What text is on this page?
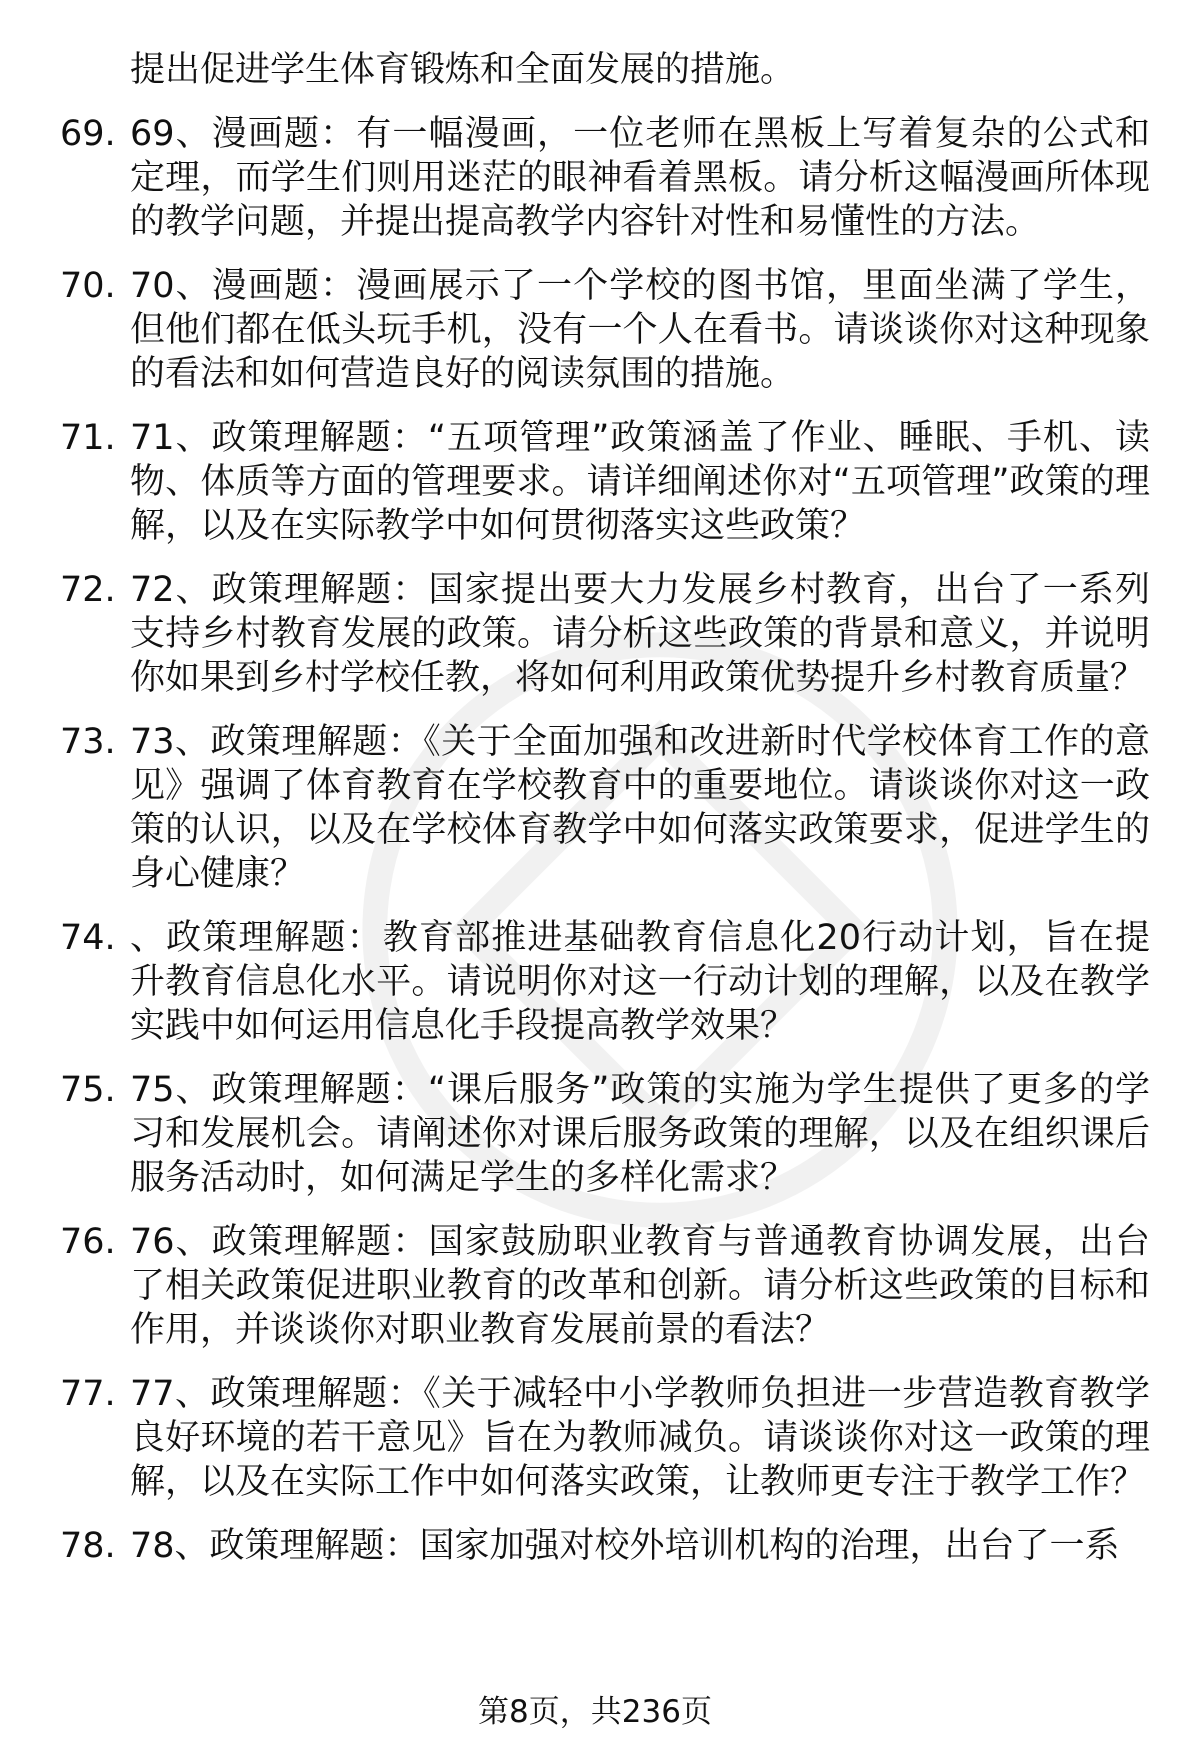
提出促进学生体育锻炼和全面发展的措施。
69. 69、漫画题：有一幅漫画，一位老师在黑板上写着复杂的公式和定理，而学生们则用迷茫的眼神看着黑板。请分析这幅漫画所体现的教学问题，并提出提高教学内容针对性和易懂性的方法。
70. 70、漫画题：漫画展示了一个学校的图书馆，里面坐满了学生，但他们都在低头玩手机，没有一个人在看书。请谈谈你对这种现象的看法和如何营造良好的阅读氛围的措施。
71. 71、政策理解题：“五项管理”政策涵盖了作业、睡眠、手机、读物、体质等方面的管理要求。请详细阐述你对“五项管理”政策的理解，以及在实际教学中如何贯彻落实这些政策？
72. 72、政策理解题：国家提出要大力发展乡村教育，出台了一系列支持乡村教育发展的政策。请分析这些政策的背景和意义，并说明你如果到乡村学校任教，将如何利用政策优势提升乡村教育质量？
73. 73、政策理解题：《关于全面加强和改进新时代学校体育工作的意见》强调了体育教育在学校教育中的重要地位。请谈谈你对这一政策的认识，以及在学校体育教学中如何落实政策要求，促进学生的身心健康？
74. 、政策理解题：教育部推进基础教育信息化20行动计划，旨在提升教育信息化水平。请说明你对这一行动计划的理解，以及在教学实践中如何运用信息化手段提高教学效果？
75. 75、政策理解题：“课后服务”政策的实施为学生提供了更多的学习和发展机会。请阐述你对课后服务政策的理解，以及在组织课后服务活动时，如何满足学生的多样化需求？
76. 76、政策理解题：国家鼓励职业教育与普通教育协调发展，出台了相关政策促进职业教育的改革和创新。请分析这些政策的目标和作用，并谈谈你对职业教育发展前景的看法？
77. 77、政策理解题：《关于减轻中小学教师负担进一步营造教育教学良好环境的若干意见》旨在为教师减负。请谈谈你对这一政策的理解，以及在实际工作中如何落实政策，让教师更专注于教学工作？
78. 78、政策理解题：国家加强对校外培训机构的治理，出台了一系
第8页，共236页
